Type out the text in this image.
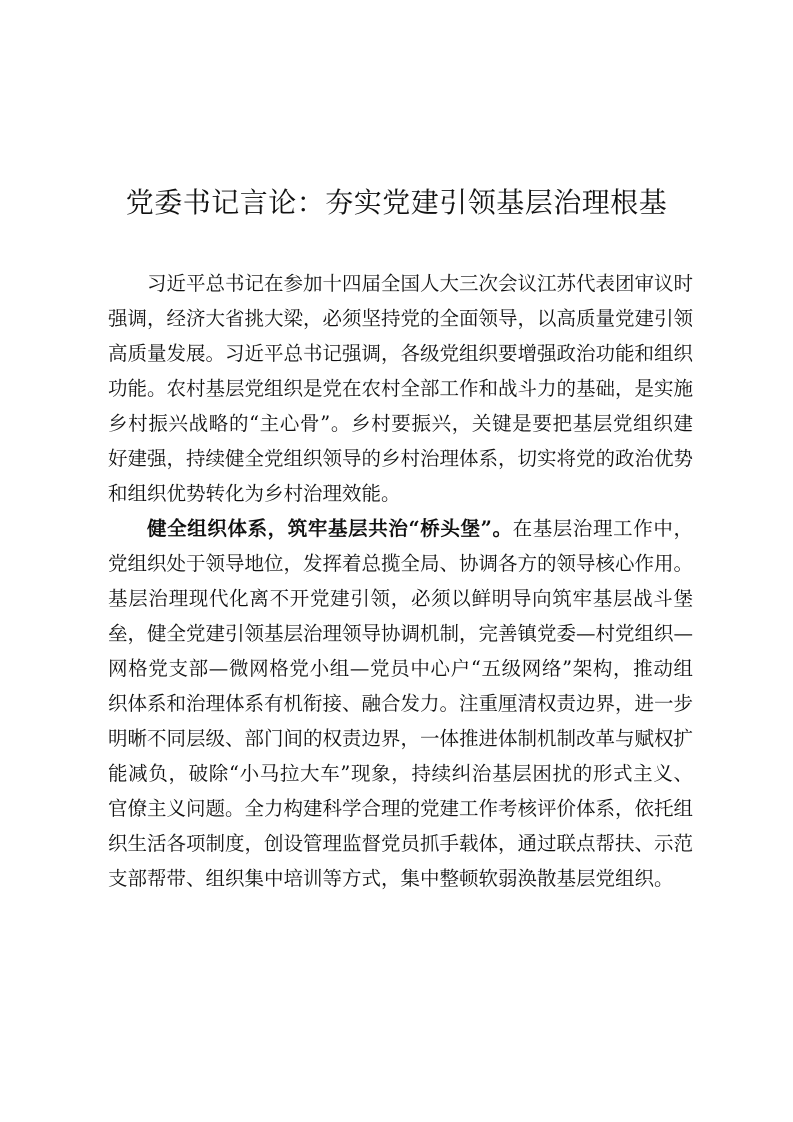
党委书记言论：夯实党建引领基层治理根基

习近平总书记在参加十四届全国人大三次会议江苏代表团审议时强调，经济大省挑大梁，必须坚持党的全面领导，以高质量党建引领高质量发展。习近平总书记强调，各级党组织要增强政治功能和组织功能。农村基层党组织是党在农村全部工作和战斗力的基础，是实施乡村振兴战略的“主心骨”。乡村要振兴，关键是要把基层党组织建好建强，持续健全党组织领导的乡村治理体系，切实将党的政治优势和组织优势转化为乡村治理效能。

健全组织体系，筑牢基层共治“桥头堡”。在基层治理工作中，党组织处于领导地位，发挥着总揽全局、协调各方的领导核心作用。基层治理现代化离不开党建引领，必须以鲜明导向筑牢基层战斗堡垒，健全党建引领基层治理领导协调机制，完善镇党委—村党组织—网格党支部—微网格党小组—党员中心户“五级网络”架构，推动组织体系和治理体系有机衔接、融合发力。注重厘清权责边界，进一步明晰不同层级、部门间的权责边界，一体推进体制机制改革与赋权扩能减负，破除“小马拉大车”现象，持续纠治基层困扰的形式主义、官僚主义问题。全力构建科学合理的党建工作考核评价体系，依托组织生活各项制度，创设管理监督党员抓手载体，通过联点帮扶、示范支部帮带、组织集中培训等方式，集中整顿软弱涣散基层党组织。
